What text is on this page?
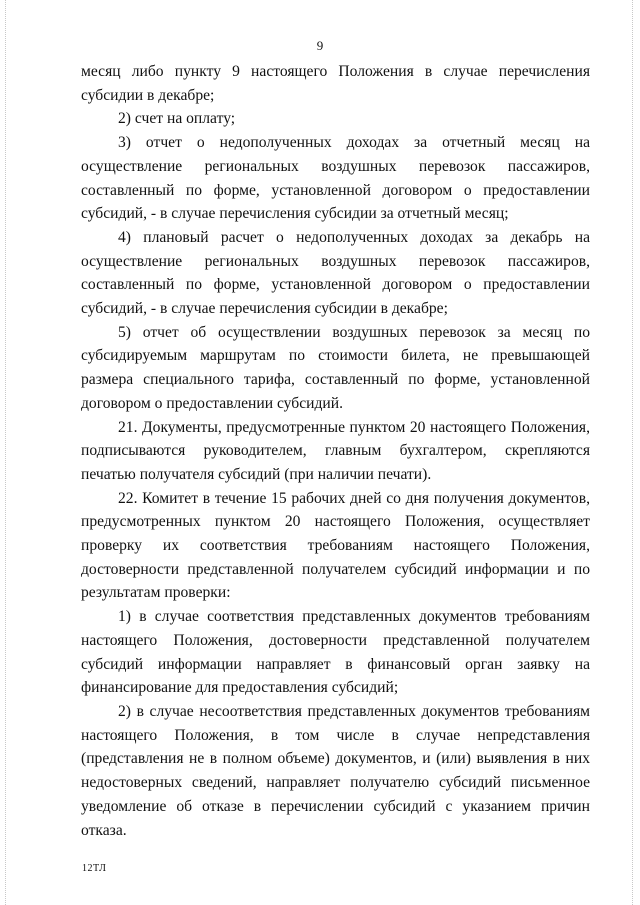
9

месяц либо пункту 9 настоящего Положения в случае перечисления субсидии в декабре;

2) счет на оплату;

3) отчет о недополученных доходах за отчетный месяц на осуществление региональных воздушных перевозок пассажиров, составленный по форме, установленной договором о предоставлении субсидий, - в случае перечисления субсидии за отчетный месяц;

4) плановый расчет о недополученных доходах за декабрь на осуществление региональных воздушных перевозок пассажиров, составленный по форме, установленной договором о предоставлении субсидий, - в случае перечисления субсидии в декабре;

5) отчет об осуществлении воздушных перевозок за месяц по субсидируемым маршрутам по стоимости билета, не превышающей размера специального тарифа, составленный по форме, установленной договором о предоставлении субсидий.

21. Документы, предусмотренные пунктом 20 настоящего Положения, подписываются руководителем, главным бухгалтером, скрепляются печатью получателя субсидий (при наличии печати).

22. Комитет в течение 15 рабочих дней со дня получения документов, предусмотренных пунктом 20 настоящего Положения, осуществляет проверку их соответствия требованиям настоящего Положения, достоверности представленной получателем субсидий информации и по результатам проверки:

1) в случае соответствия представленных документов требованиям настоящего Положения, достоверности представленной получателем субсидий информации направляет в финансовый орган заявку на финансирование для предоставления субсидий;

2) в случае несоответствия представленных документов требованиям настоящего Положения, в том числе в случае непредставления (представления не в полном объеме) документов, и (или) выявления в них недостоверных сведений, направляет получателю субсидий письменное уведомление об отказе в перечислении субсидий с указанием причин отказа.

12ТЛ
